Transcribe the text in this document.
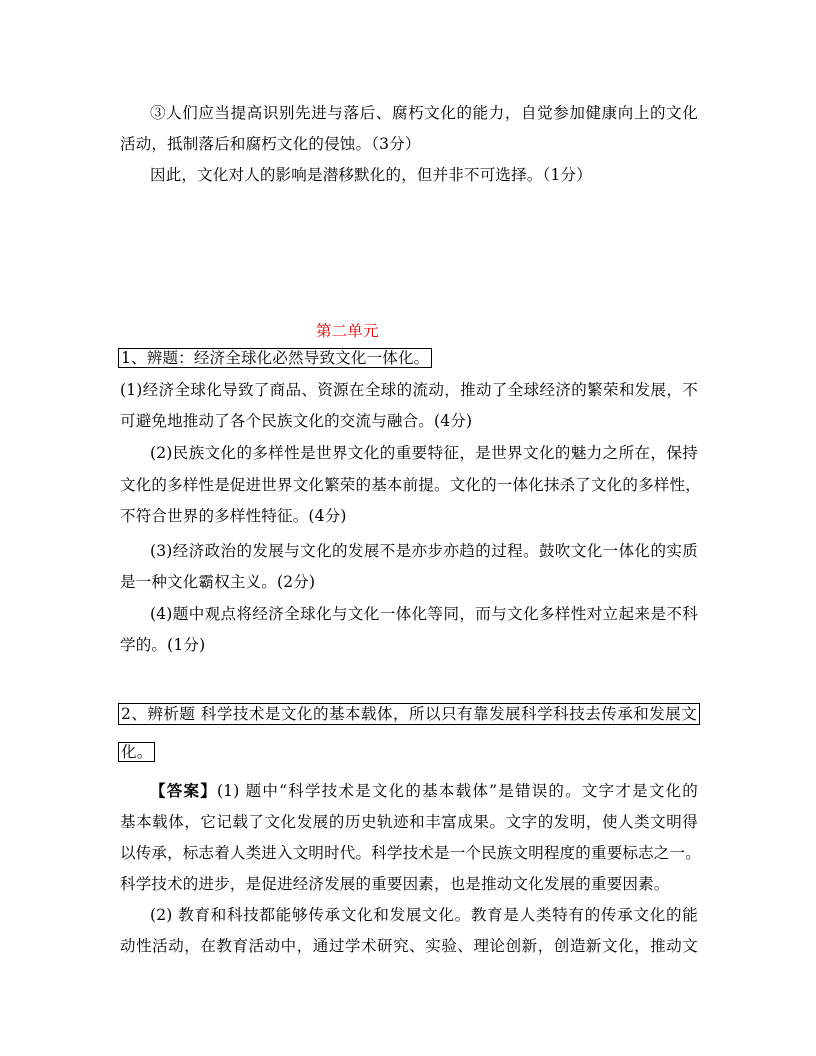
③人们应当提高识别先进与落后、腐朽文化的能力，自觉参加健康向上的文化
活动，抵制落后和腐朽文化的侵蚀。（3分）
因此，文化对人的影响是潜移默化的，但并非不可选择。（1分）
第二单元
1、辨题：经济全球化必然导致文化一体化。
(1)经济全球化导致了商品、资源在全球的流动，推动了全球经济的繁荣和发展，不
可避免地推动了各个民族文化的交流与融合。(4分)
(2)民族文化的多样性是世界文化的重要特征，是世界文化的魅力之所在，保持
文化的多样性是促进世界文化繁荣的基本前提。文化的一体化抹杀了文化的多样性，
不符合世界的多样性特征。(4分)
(3)经济政治的发展与文化的发展不是亦步亦趋的过程。鼓吹文化一体化的实质
是一种文化霸权主义。(2分)
(4)题中观点将经济全球化与文化一体化等同，而与文化多样性对立起来是不科
学的。(1分)
2、辨析题 科学技术是文化的基本载体，所以只有靠发展科学科技去传承和发展文
化。
【答案】(1) 题中“科学技术是文化的基本载体”是错误的。文字才是文化的
基本载体，它记载了文化发展的历史轨迹和丰富成果。文字的发明，使人类文明得
以传承，标志着人类进入文明时代。科学技术是一个民族文明程度的重要标志之一。
科学技术的进步，是促进经济发展的重要因素，也是推动文化发展的重要因素。
(2) 教育和科技都能够传承文化和发展文化。教育是人类特有的传承文化的能
动性活动，在教育活动中，通过学术研究、实验、理论创新，创造新文化，推动文
